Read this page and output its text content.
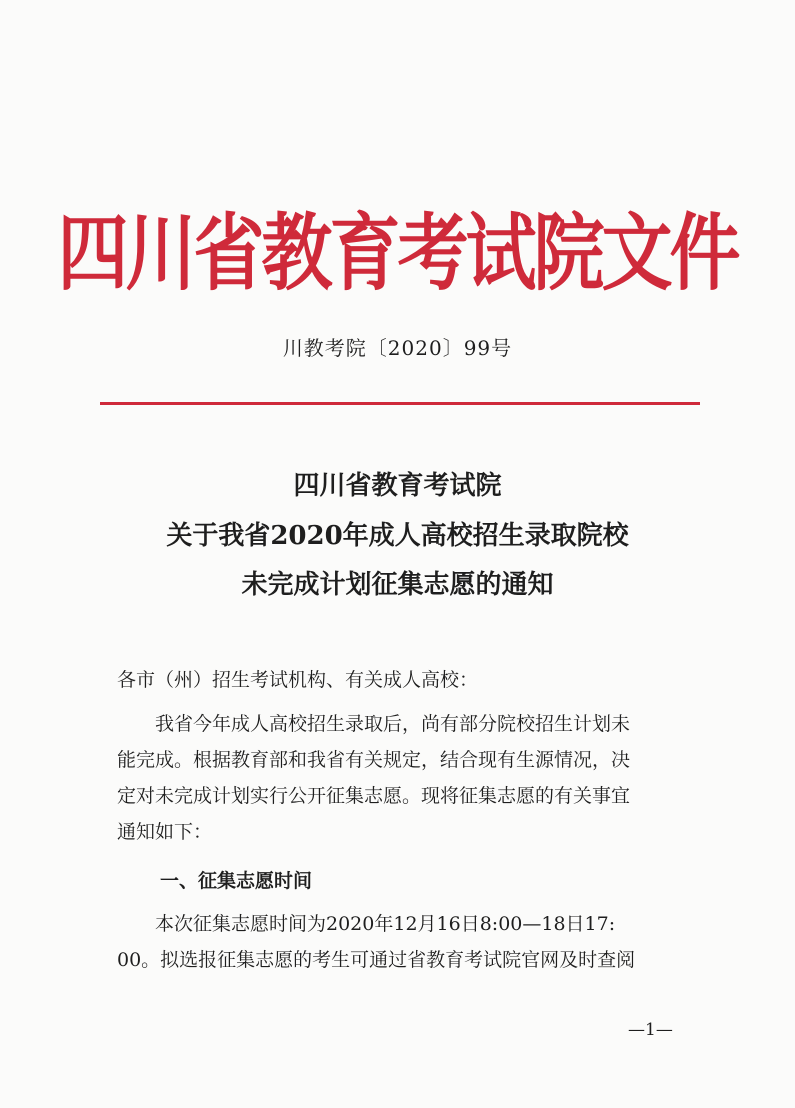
四川省教育考试院文件
川教考院〔2020〕99号
四川省教育考试院
关于我省2020年成人高校招生录取院校
未完成计划征集志愿的通知
各市（州）招生考试机构、有关成人高校：
　　我省今年成人高校招生录取后，尚有部分院校招生计划未
能完成。根据教育部和我省有关规定，结合现有生源情况，决
定对未完成计划实行公开征集志愿。现将征集志愿的有关事宜
通知如下：
一、征集志愿时间
　　本次征集志愿时间为2020年12月16日8:00—18日17:
00。拟选报征集志愿的考生可通过省教育考试院官网及时查阅
—1—
